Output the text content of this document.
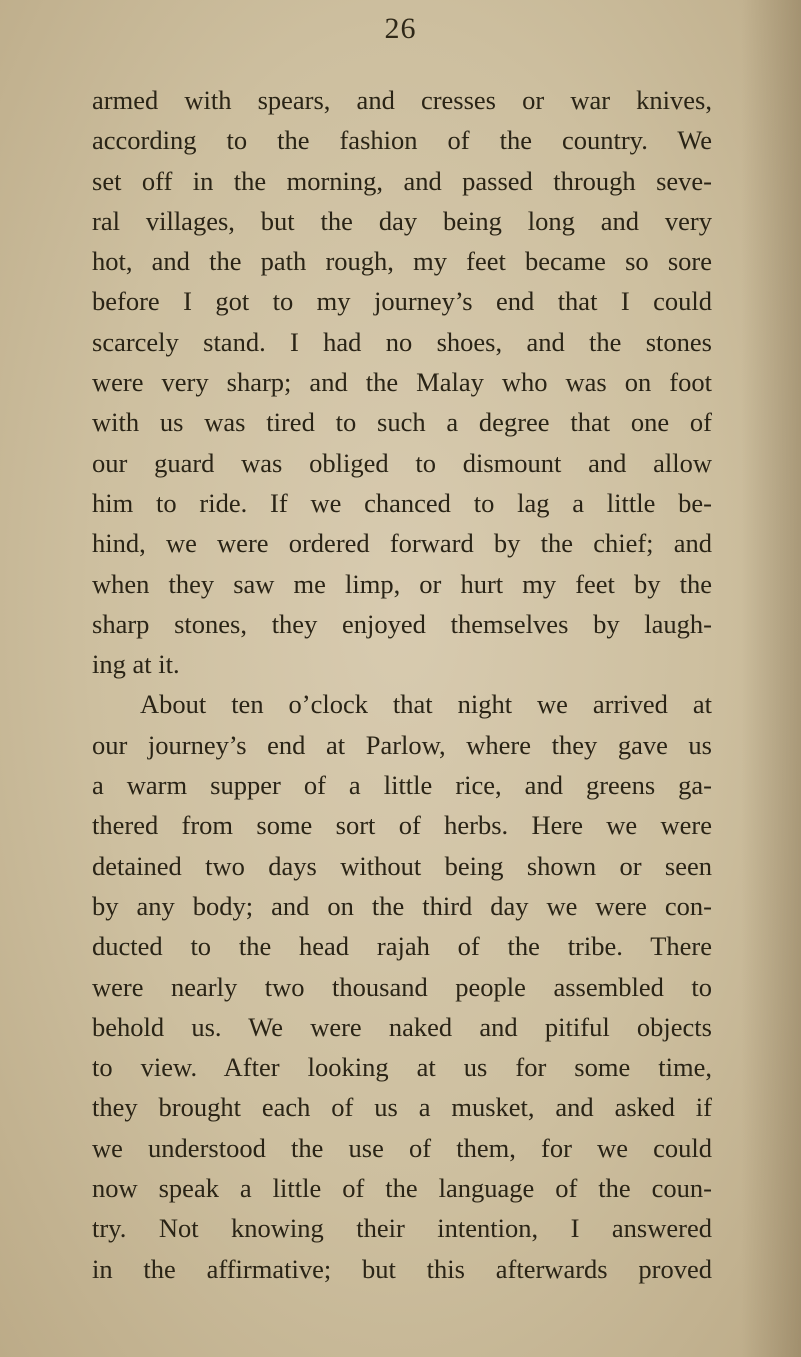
26
armed with spears, and cresses or war knives,
according to the fashion of the country. We
set off in the morning, and passed through seve-
ral villages, but the day being long and very
hot, and the path rough, my feet became so sore
before I got to my journey’s end that I could
scarcely stand. I had no shoes, and the stones
were very sharp; and the Malay who was on foot
with us was tired to such a degree that one of
our guard was obliged to dismount and allow
him to ride. If we chanced to lag a little be-
hind, we were ordered forward by the chief; and
when they saw me limp, or hurt my feet by the
sharp stones, they enjoyed themselves by laugh-
ing at it.
About ten o’clock that night we arrived at
our journey’s end at Parlow, where they gave us
a warm supper of a little rice, and greens ga-
thered from some sort of herbs. Here we were
detained two days without being shown or seen
by any body; and on the third day we were con-
ducted to the head rajah of the tribe. There
were nearly two thousand people assembled to
behold us. We were naked and pitiful objects
to view. After looking at us for some time,
they brought each of us a musket, and asked if
we understood the use of them, for we could
now speak a little of the language of the coun-
try. Not knowing their intention, I answered
in the affirmative; but this afterwards proved
